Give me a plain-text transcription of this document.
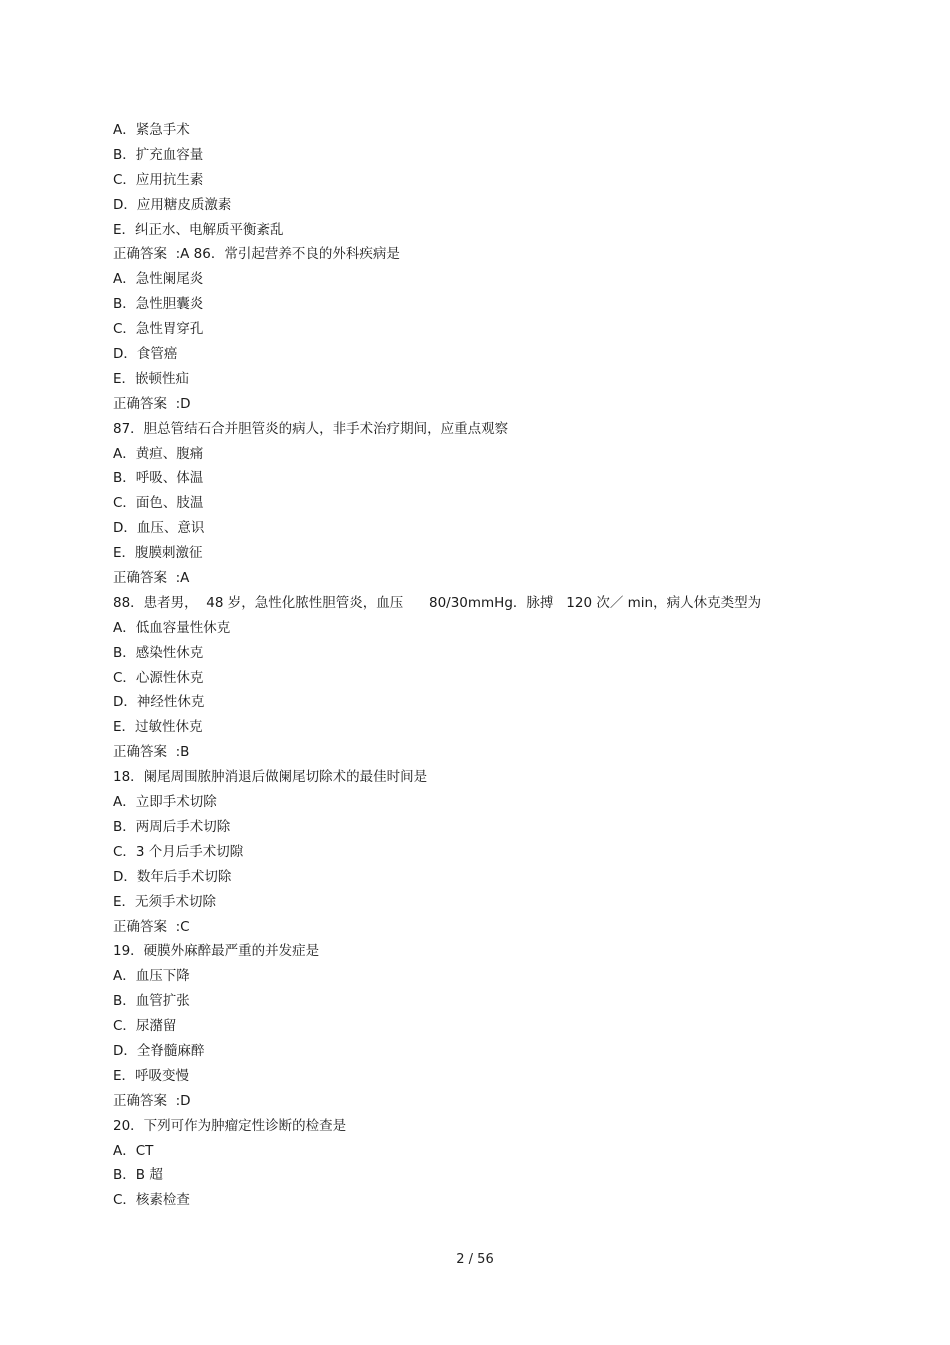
A．紧急手术
B．扩充血容量
C．应用抗生素
D．应用糖皮质激素
E．纠正水、电解质平衡紊乱
正确答案  :A 86．常引起营养不良的外科疾病是
A．急性阑尾炎
B．急性胆囊炎
C．急性胃穿孔
D．食管癌
E．嵌顿性疝
正确答案  :D
87．胆总管结石合并胆管炎的病人，非手术治疗期间，应重点观察
A．黄疸、腹痛
B．呼吸、体温
C．面色、肢温
D．血压、意识
E．腹膜刺激征
正确答案  :A
88．患者男，  48 岁，急性化脓性胆管炎，血压      80/30mmHg．脉搏   120 次／ min，病人休克类型为
A．低血容量性休克
B．感染性休克
C．心源性休克
D．神经性休克
E．过敏性休克
正确答案  :B
18．阑尾周围脓肿消退后做阑尾切除术的最佳时间是
A．立即手术切除
B．两周后手术切除
C．3 个月后手术切隙
D．数年后手术切除
E．无须手术切除
正确答案  :C
19．硬膜外麻醉最严重的并发症是
A．血压下降
B．血管扩张
C．尿潴留
D．全脊髓麻醉
E．呼吸变慢
正确答案  :D
20．下列可作为肿瘤定性诊断的检查是
A．CT
B．B 超
C．核素检查
2 / 56
